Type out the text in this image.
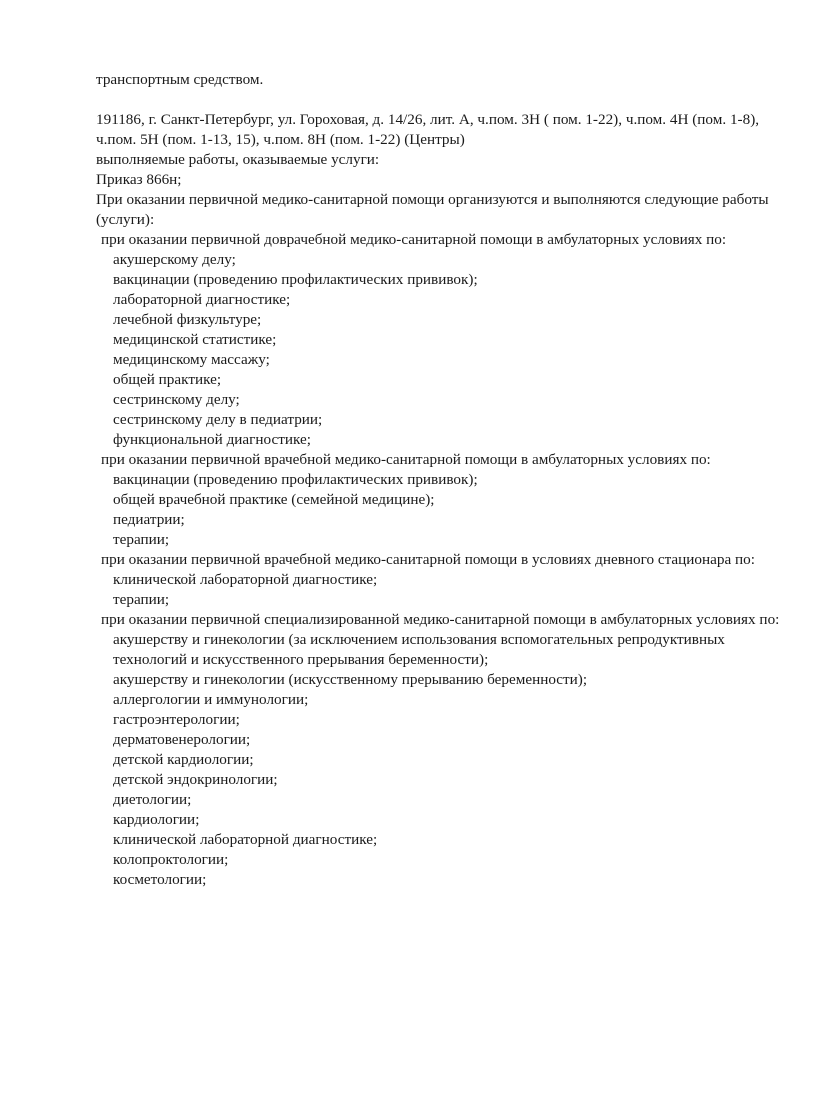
транспортным средством.

191186, г. Санкт-Петербург, ул. Гороховая, д. 14/26, лит. А, ч.пом. 3Н ( пом. 1-22), ч.пом. 4Н (пом. 1-8), ч.пом. 5Н (пом. 1-13, 15), ч.пом. 8Н (пом. 1-22) (Центры)

выполняемые работы, оказываемые услуги:

Приказ 866н;

При оказании первичной медико-санитарной помощи организуются и выполняются следующие работы (услуги):

при оказании первичной доврачебной медико-санитарной помощи в амбулаторных условиях по:

акушерскому делу;

вакцинации (проведению профилактических прививок);

лабораторной диагностике;

лечебной физкультуре;

медицинской статистике;

медицинскому массажу;

общей практике;

сестринскому делу;

сестринскому делу в педиатрии;

функциональной диагностике;

при оказании первичной врачебной медико-санитарной помощи в амбулаторных условиях по:

вакцинации (проведению профилактических прививок);

общей врачебной практике (семейной медицине);

педиатрии;

терапии;

при оказании первичной врачебной медико-санитарной помощи в условиях дневного стационара по:

клинической лабораторной диагностике;

терапии;

при оказании первичной специализированной медико-санитарной помощи в амбулаторных условиях по:

акушерству и гинекологии (за исключением использования вспомогательных репродуктивных технологий и искусственного прерывания беременности);

акушерству и гинекологии (искусственному прерыванию беременности);

аллергологии и иммунологии;

гастроэнтерологии;

дерматовенерологии;

детской кардиологии;

детской эндокринологии;

диетологии;

кардиологии;

клинической лабораторной диагностике;

колопроктологии;

косметологии;
